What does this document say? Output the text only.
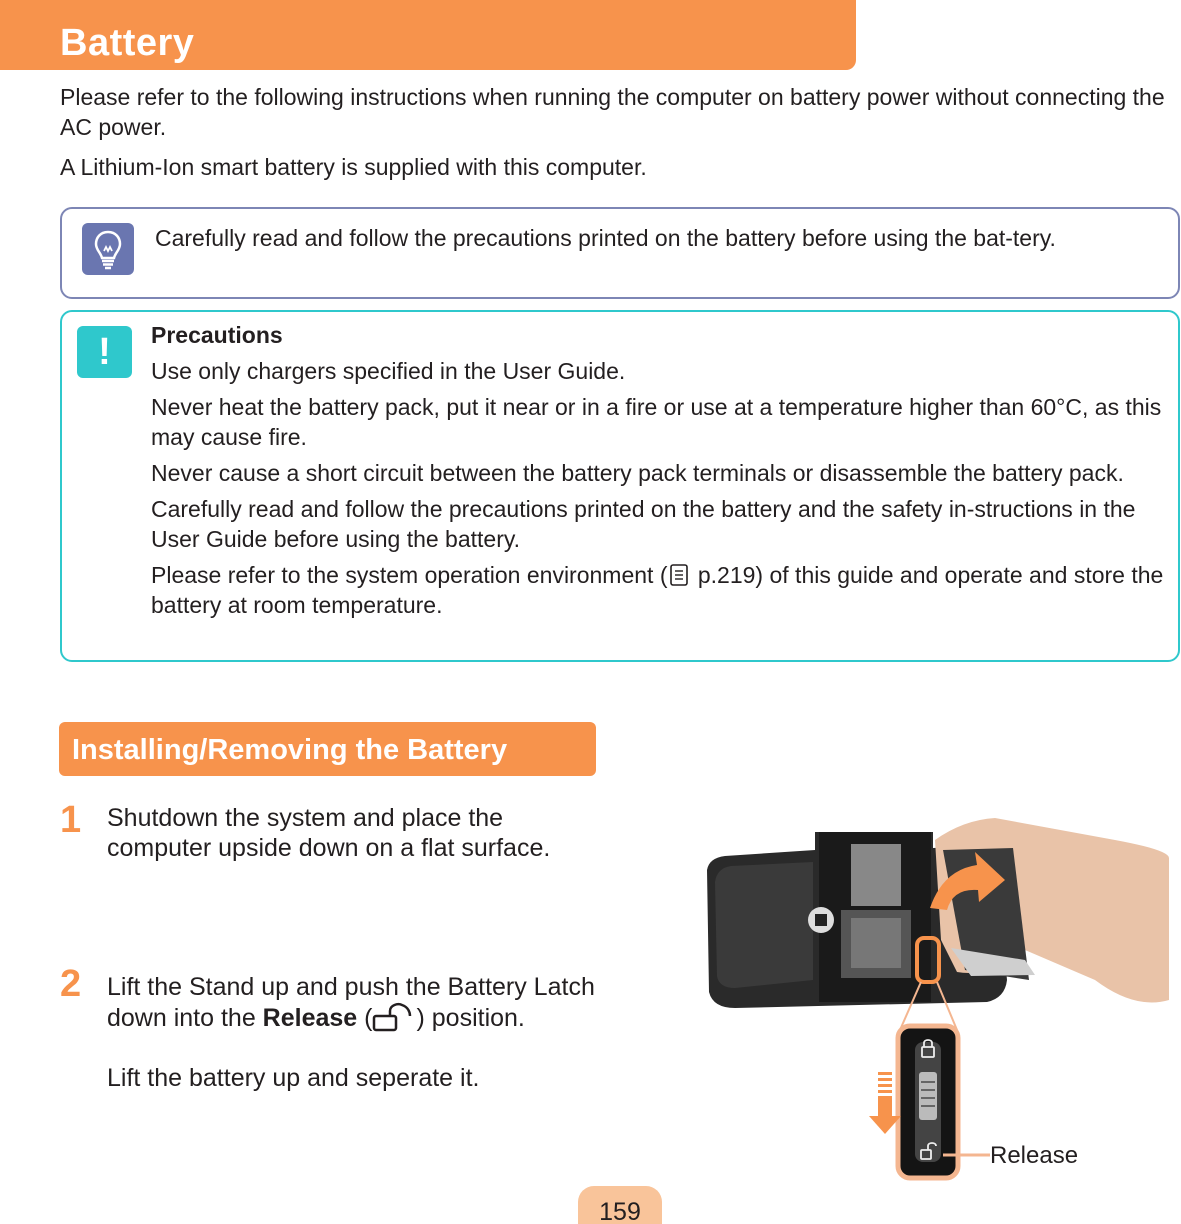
Battery
Please refer to the following instructions when running the computer on battery power without connecting the AC power.
A Lithium-Ion smart battery is supplied with this computer.
Carefully read and follow the precautions printed on the battery before using the bat-tery.
!	Precautions
Use only chargers specified in the User Guide.
Never heat the battery pack, put it near or in a fire or use at a temperature higher than 60°C, as this may cause fire.
Never cause a short circuit between the battery pack terminals or disassemble the battery pack.
Carefully read and follow the precautions printed on the battery and the safety in-structions in the User Guide before using the battery.
Please refer to the system operation environment ( p.219) of this guide and operate and store the battery at room temperature.
Installing/Removing the Battery
1 Shutdown the system and place the computer upside down on a flat surface.
2 Lift the Stand up and push the Battery Latch down into the Release ( ) position.
Lift the battery up and seperate it.
Release
159
